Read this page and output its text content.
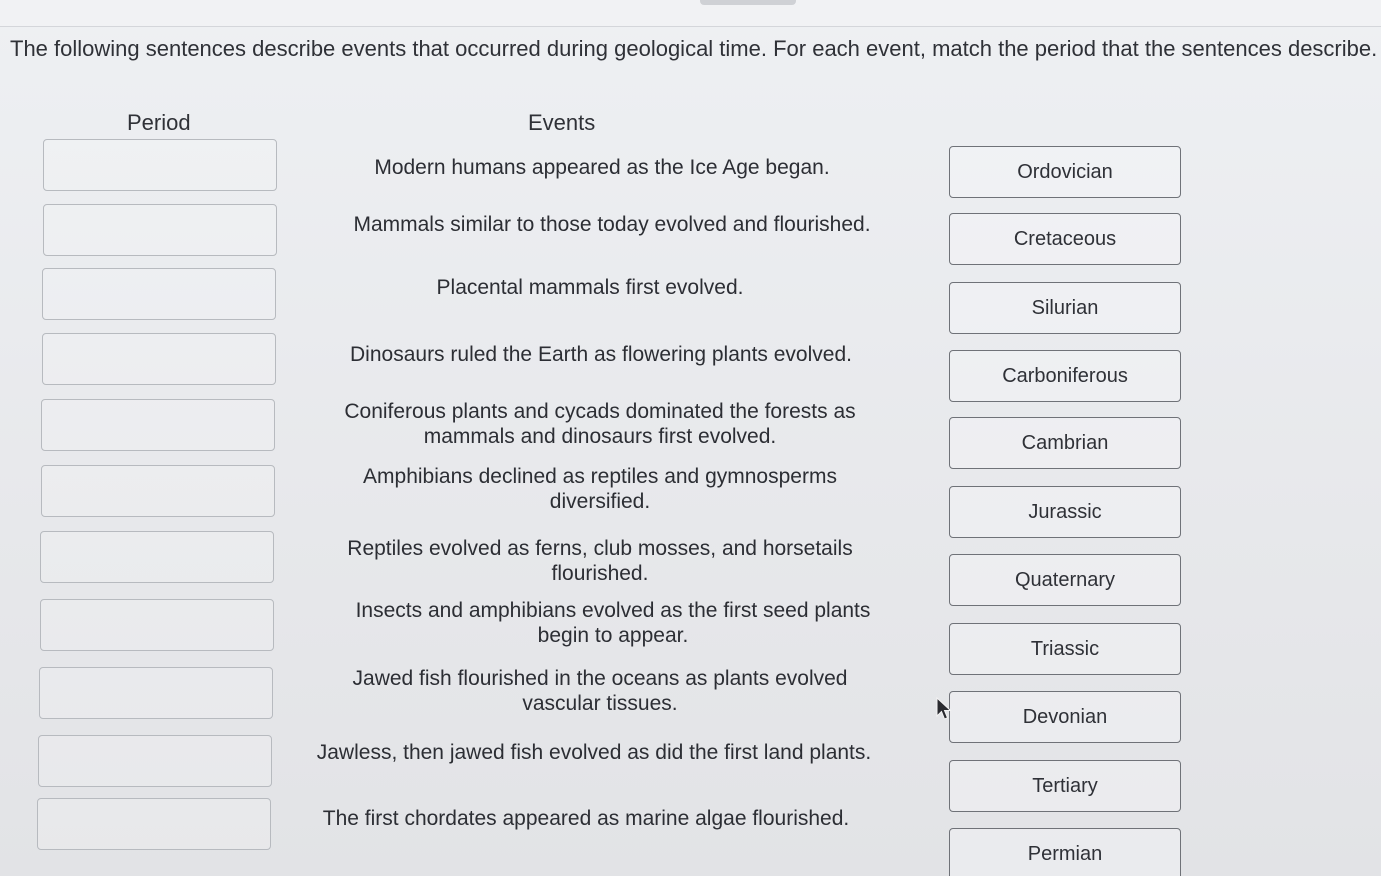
The following sentences describe events that occurred during geological time. For each event, match the period that the sentences describe.
Period	Events
Modern humans appeared as the Ice Age began.
Mammals similar to those today evolved and flourished.
Placental mammals first evolved.
Dinosaurs ruled the Earth as flowering plants evolved.
Coniferous plants and cycads dominated the forests as
mammals and dinosaurs first evolved.
Amphibians declined as reptiles and gymnosperms
diversified.
Reptiles evolved as ferns, club mosses, and horsetails
flourished.
Insects and amphibians evolved as the first seed plants
begin to appear.
Jawed fish flourished in the oceans as plants evolved
vascular tissues.
Jawless, then jawed fish evolved as did the first land plants.
The first chordates appeared as marine algae flourished.
Ordovician
Cretaceous
Silurian
Carboniferous
Cambrian
Jurassic
Quaternary
Triassic
Devonian
Tertiary
Permian
